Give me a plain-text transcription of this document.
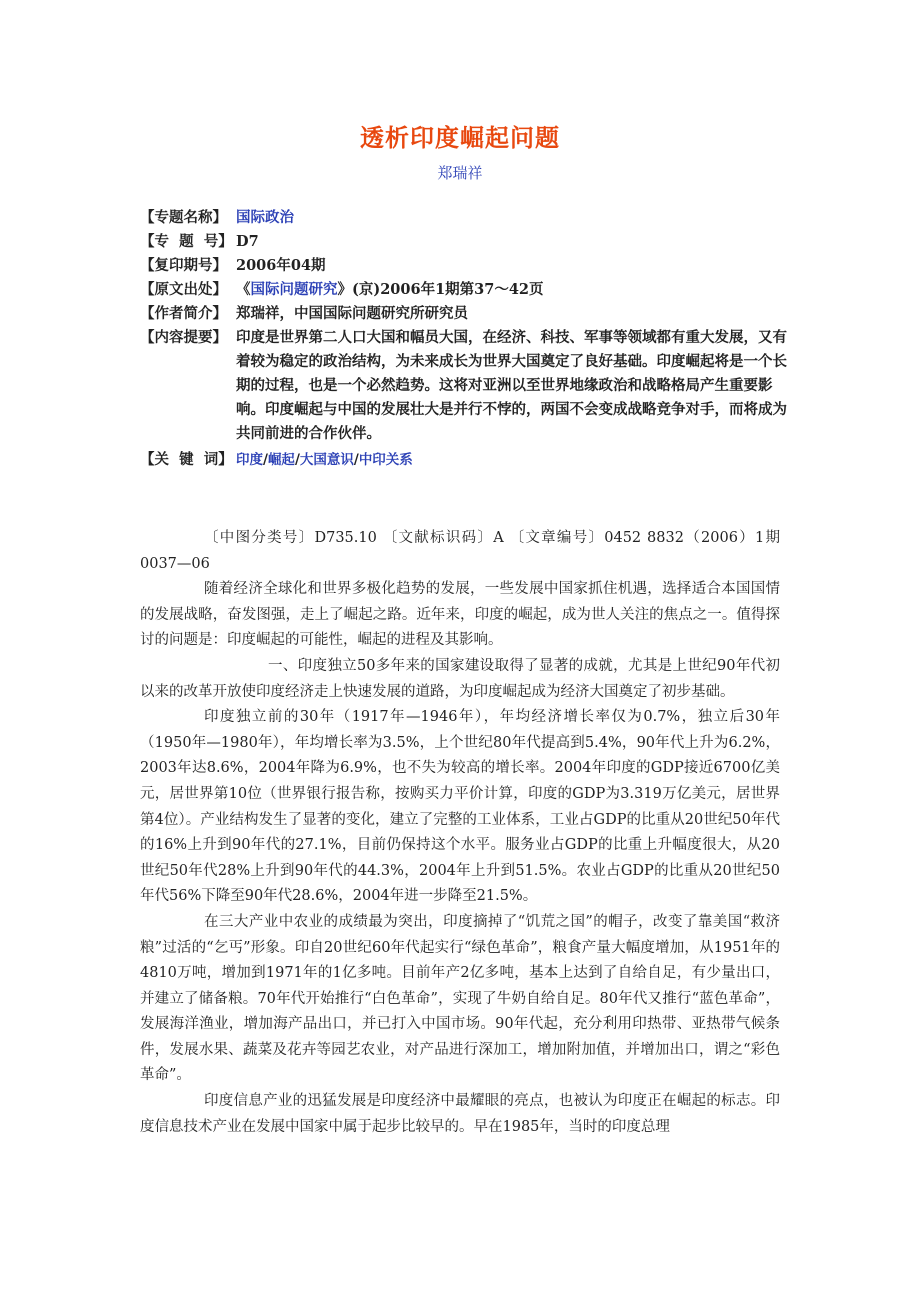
透析印度崛起问题
郑瑞祥
【专题名称】 国际政治
【专  题  号】 D7
【复印期号】 2006年04期
【原文出处】 《国际问题研究》(京)2006年1期第37～42页
【作者简介】 郑瑞祥，中国国际问题研究所研究员
【内容提要】 印度是世界第二人口大国和幅员大国，在经济、科技、军事等领域都有重大发展，又有着较为稳定的政治结构，为未来成长为世界大国奠定了良好基础。印度崛起将是一个长期的过程，也是一个必然趋势。这将对亚洲以至世界地缘政治和战略格局产生重要影响。印度崛起与中国的发展壮大是并行不悖的，两国不会变成战略竞争对手，而将成为共同前进的合作伙伴。
【关  键  词】 印度/崛起/大国意识/中印关系

〔中图分类号〕D735.10 〔文献标识码〕A 〔文章编号〕0452 8832（2006）1期0037—06

随着经济全球化和世界多极化趋势的发展，一些发展中国家抓住机遇，选择适合本国国情的发展战略，奋发图强，走上了崛起之路。近年来，印度的崛起，成为世人关注的焦点之一。值得探讨的问题是：印度崛起的可能性，崛起的进程及其影响。

一、印度独立50多年来的国家建设取得了显著的成就，尤其是上世纪90年代初以来的改革开放使印度经济走上快速发展的道路，为印度崛起成为经济大国奠定了初步基础。

印度独立前的30年（1917年—1946年），年均经济增长率仅为0.7%，独立后30年（1950年—1980年），年均增长率为3.5%，上个世纪80年代提高到5.4%，90年代上升为6.2%，2003年达8.6%，2004年降为6.9%，也不失为较高的增长率。2004年印度的GDP接近6700亿美元，居世界第10位（世界银行报告称，按购买力平价计算，印度的GDP为3.319万亿美元，居世界第4位）。产业结构发生了显著的变化，建立了完整的工业体系，工业占GDP的比重从20世纪50年代的16%上升到90年代的27.1%，目前仍保持这个水平。服务业占GDP的比重上升幅度很大，从20世纪50年代28%上升到90年代的44.3%，2004年上升到51.5%。农业占GDP的比重从20世纪50年代56%下降至90年代28.6%，2004年进一步降至21.5%。

在三大产业中农业的成绩最为突出，印度摘掉了“饥荒之国”的帽子，改变了靠美国“救济粮”过活的“乞丐”形象。印自20世纪60年代起实行“绿色革命”，粮食产量大幅度增加，从1951年的4810万吨，增加到1971年的1亿多吨。目前年产2亿多吨，基本上达到了自给自足，有少量出口，并建立了储备粮。70年代开始推行“白色革命”，实现了牛奶自给自足。80年代又推行“蓝色革命”，发展海洋渔业，增加海产品出口，并已打入中国市场。90年代起，充分利用印热带、亚热带气候条件，发展水果、蔬菜及花卉等园艺农业，对产品进行深加工，增加附加值，并增加出口，谓之“彩色革命”。

印度信息产业的迅猛发展是印度经济中最耀眼的亮点，也被认为印度正在崛起的标志。印度信息技术产业在发展中国家中属于起步比较早的。早在1985年，当时的印度总理
